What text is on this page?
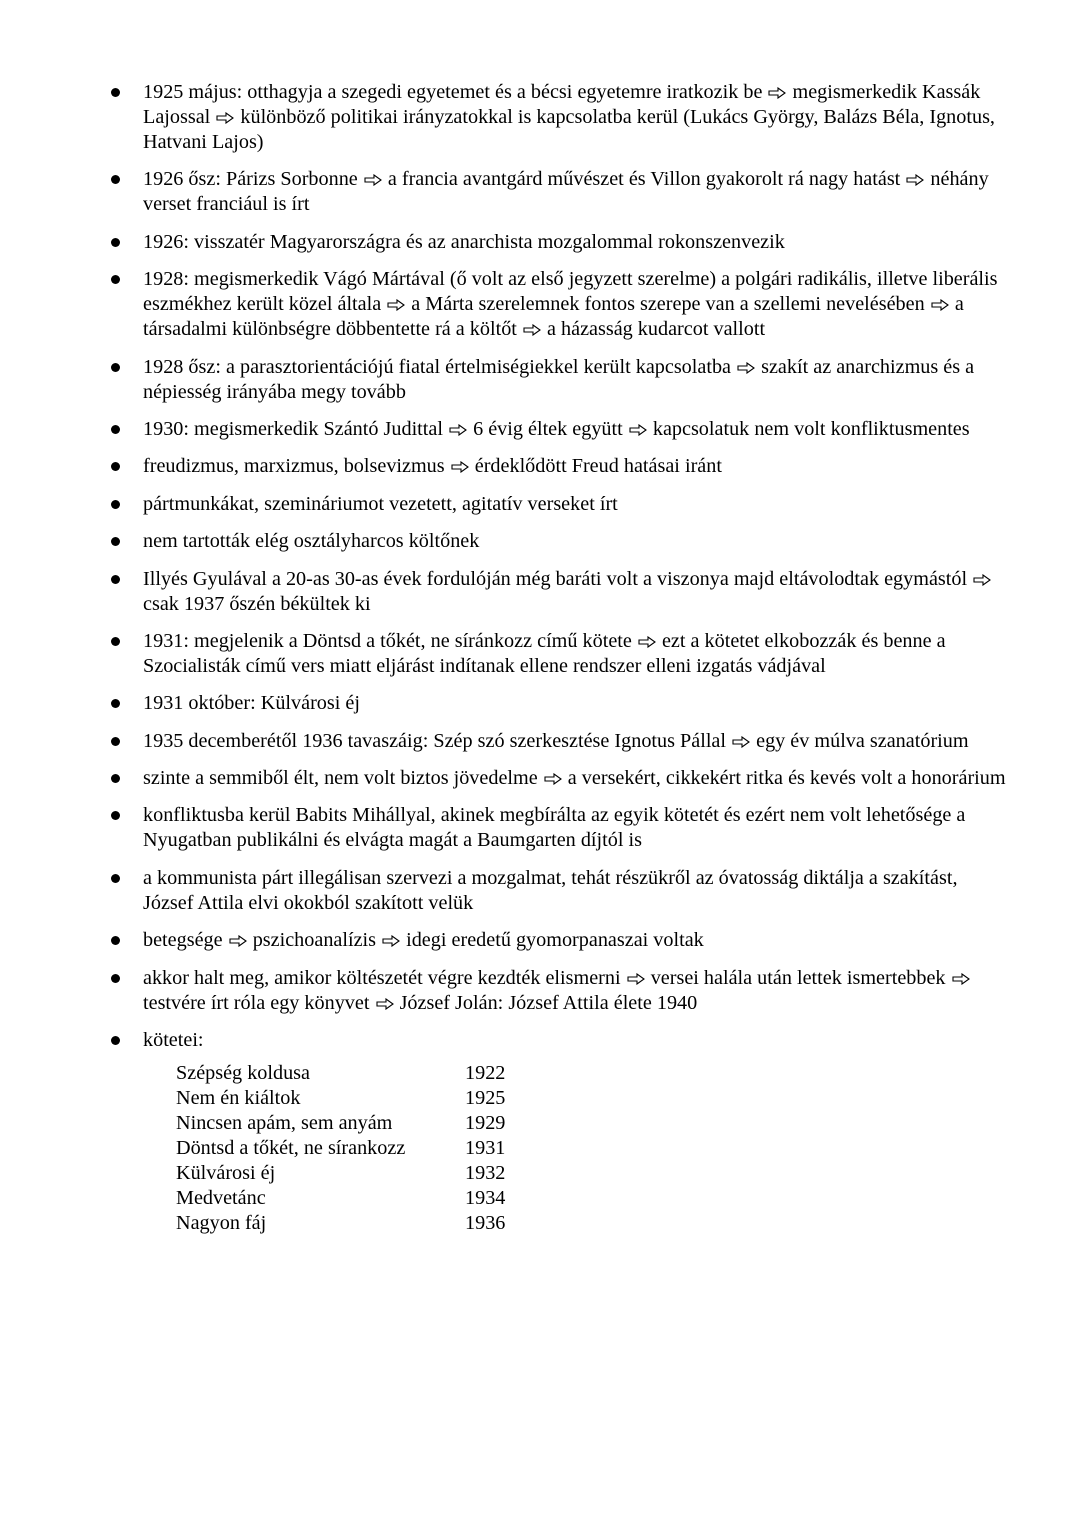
1925 május: otthagyja a szegedi egyetemet és a bécsi egyetemre iratkozik be megismerkedik Kassák Lajossal különböző politikai irányzatokkal is kapcsolatba kerül (Lukács György, Balázs Béla, Ignotus, Hatvani Lajos)
1926 ősz: Párizs Sorbonne a francia avantgárd művészet és Villon gyakorolt rá nagy hatást néhány verset franciául is írt
1926: visszatér Magyarországra és az anarchista mozgalommal rokonszenvezik
1928: megismerkedik Vágó Mártával (ő volt az első jegyzett szerelme) a polgári radikális, illetve liberális eszmékhez került közel általa a Márta szerelemnek fontos szerepe van a szellemi nevelésében a társadalmi különbségre döbbentette rá a költőt a házasság kudarcot vallott
1928 ősz: a parasztorientációjú fiatal értelmiségiekkel került kapcsolatba szakít az anarchizmus és a népiesség irányába megy tovább
1930: megismerkedik Szántó Judittal 6 évig éltek együtt kapcsolatuk nem volt konfliktusmentes
freudizmus, marxizmus, bolsevizmus érdeklődött Freud hatásai iránt
pártmunkákat, szemináriumot vezetett, agitatív verseket írt
nem tartották elég osztályharcos költőnek
Illyés Gyulával a 20-as 30-as évek fordulóján még baráti volt a viszonya majd eltávolodtak egymástól
csak 1937 őszén békültek ki
1931: megjelenik a Döntsd a tőkét, ne síránkozz című kötete ezt a kötetet elkobozzák és benne a Szocialisták című vers miatt eljárást indítanak ellene rendszer elleni izgatás vádjával
1931 október: Külvárosi éj
1935 decemberétől 1936 tavaszáig: Szép szó szerkesztése Ignotus Pállal egy év múlva szanatórium
szinte a semmiből élt, nem volt biztos jövedelme a versekért, cikkekért ritka és kevés volt a honorárium
konfliktusba kerül Babits Mihállyal, akinek megbírálta az egyik kötetét és ezért nem volt lehetősége a Nyugatban publikálni és elvágta magát a Baumgarten díjtól is
a kommunista párt illegálisan szervezi a mozgalmat, tehát részükről az óvatosság diktálja a szakítást, József Attila elvi okokból szakított velük
betegsége pszichoanalízis idegi eredetű gyomorpanaszai voltak
akkor halt meg, amikor költészetét végre kezdték elismerni versei halála után lettek ismertebbek
testvére írt róla egy könyvet József Jolán: József Attila élete 1940
kötetei:
Szépség koldusa	1922
Nem én kiáltok	1925
Nincsen apám, sem anyám	1929
Döntsd a tőkét, ne sírankozz	1931
Külvárosi éj	1932
Medvetánc	1934
Nagyon fáj	1936
